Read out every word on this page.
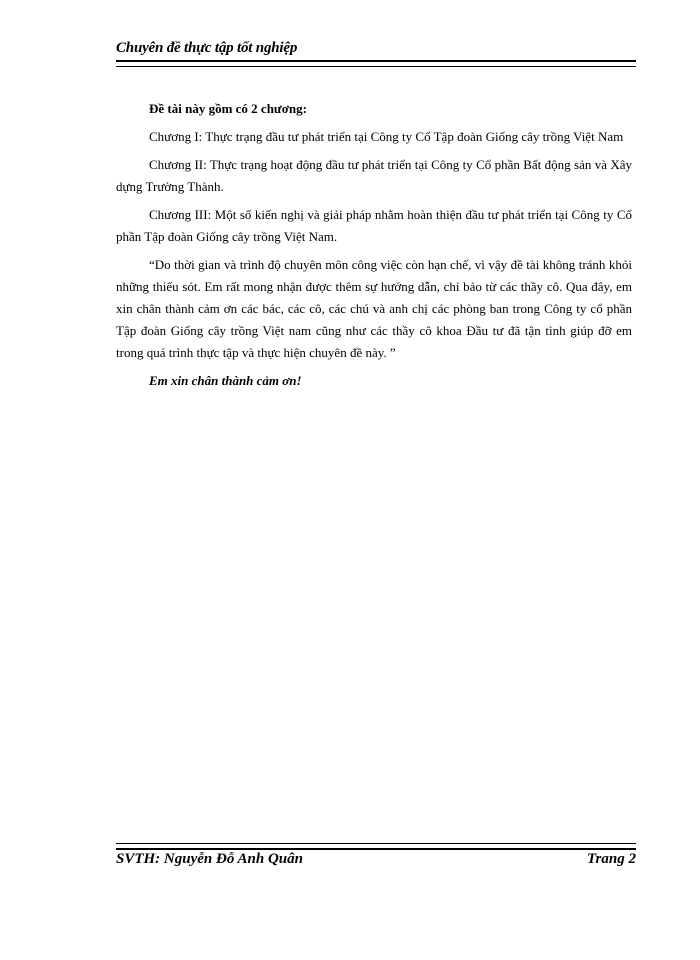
Chuyên đề thực tập tốt nghiệp

Đề tài này gồm có 2 chương:

Chương I: Thực trạng đầu tư phát triển tại Công ty Cổ Tập đoàn Giống cây trồng Việt Nam

Chương II: Thực trạng hoạt động đầu tư phát triển tại Công ty Cổ phần Bất động sản và Xây dựng Trường Thành.

Chương III: Một số kiến nghị và giải pháp nhằm hoàn thiện đầu tư phát triển tại Công ty Cổ phần Tập đoàn Giống cây trồng Việt Nam.

“Do thời gian và trình độ chuyên môn công việc còn hạn chế, vì vậy đề tài không tránh khỏi những thiếu sót. Em rất mong nhận được thêm sự hướng dẫn, chỉ bảo từ các thầy cô. Qua đây, em xin chân thành cảm ơn các bác, các cô, các chú và anh chị các phòng ban trong Công ty cổ phần Tập đoàn Giống cây trồng Việt nam cũng như các thầy cô khoa Đầu tư đã tận tình giúp đỡ em trong quá trình thực tập và thực hiện chuyên đề này. ”

Em xin chân thành cảm ơn!

SVTH: Nguyễn Đỗ Anh Quân	Trang 2
